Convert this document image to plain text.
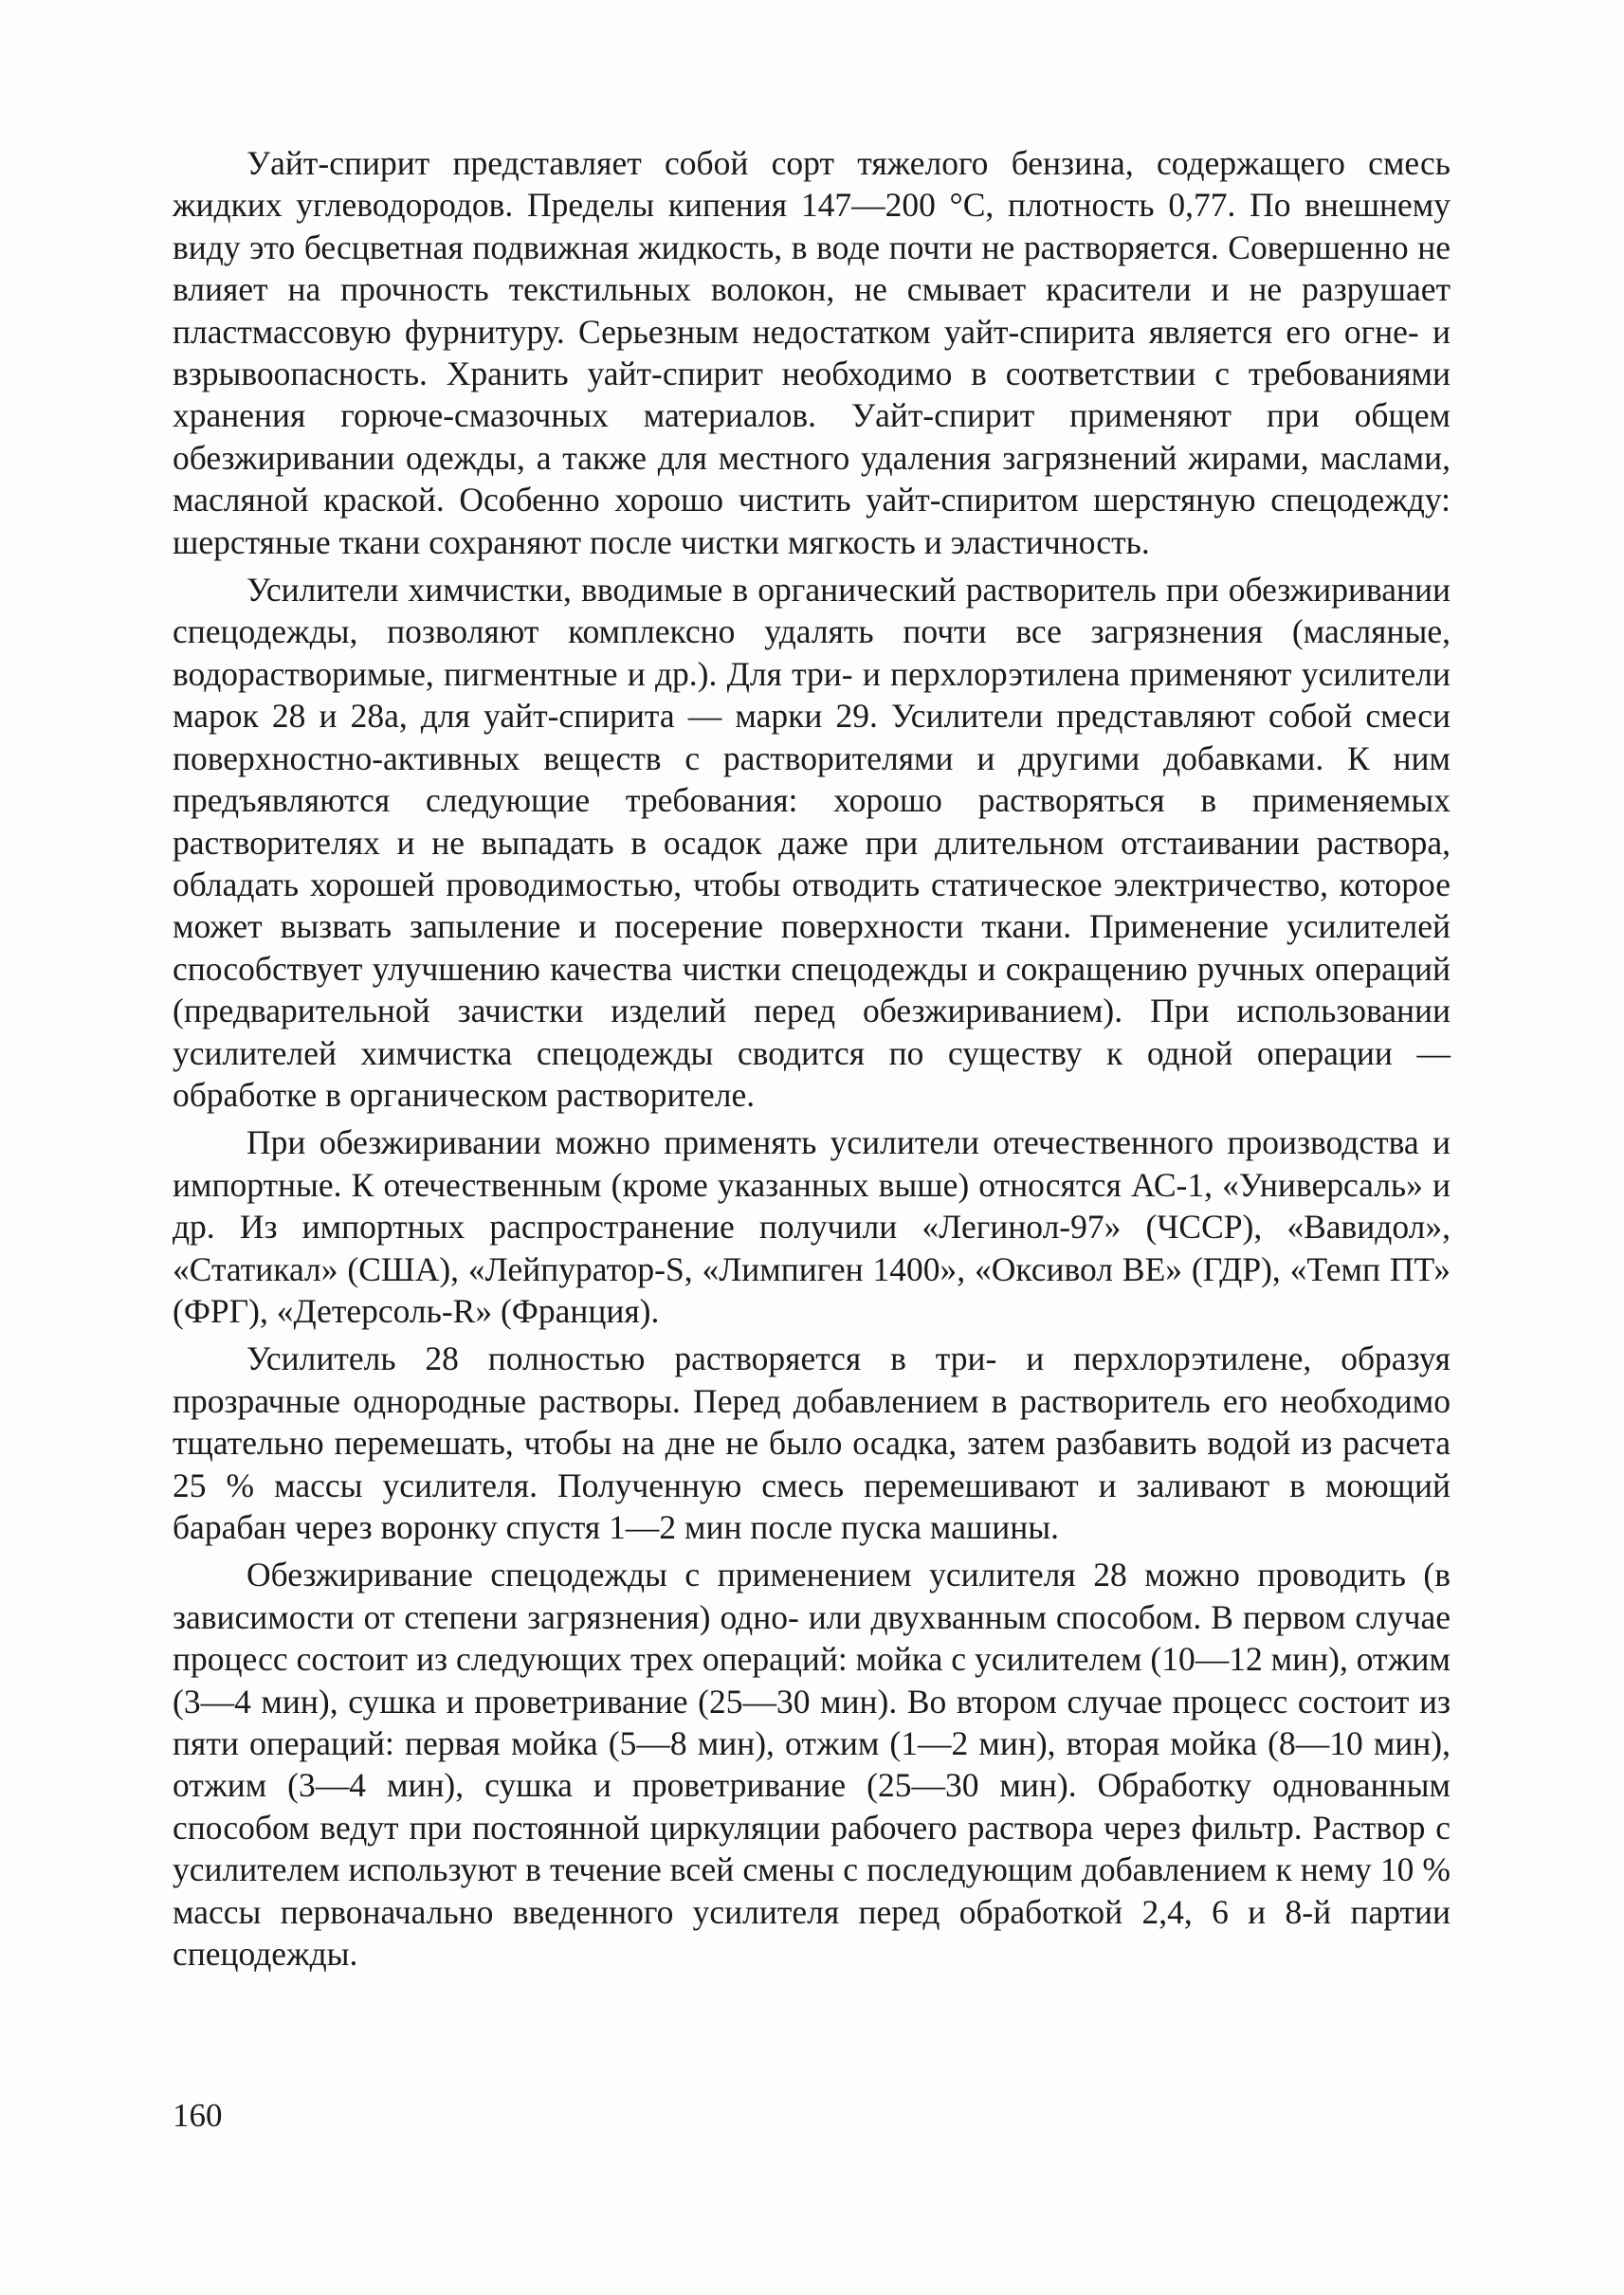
Уайт-спирит представляет собой сорт тяжелого бензина, содержащего смесь жидких углеводородов. Пределы кипения 147—200 °С, плотность 0,77. По внешнему виду это бесцветная подвижная жидкость, в воде почти не растворяется. Совершенно не влияет на прочность текстильных волокон, не смывает красители и не разрушает пластмассовую фурнитуру. Серьезным недостатком уайт-спирита является его огне- и взрывоопасность. Хранить уайт-спирит необходимо в соответствии с требованиями хранения горюче-смазочных материалов. Уайт-спирит применяют при общем обезжиривании одежды, а также для местного удаления загрязнений жирами, маслами, масляной краской. Особенно хорошо чистить уайт-спиритом шерстяную спецодежду: шерстяные ткани сохраняют после чистки мягкость и эластичность.

Усилители химчистки, вводимые в органический растворитель при обезжиривании спецодежды, позволяют комплексно удалять почти все загрязнения (масляные, водорастворимые, пигментные и др.). Для три- и перхлорэтилена применяют усилители марок 28 и 28а, для уайт-спирита — марки 29. Усилители представляют собой смеси поверхностно-активных веществ с растворителями и другими добавками. К ним предъявляются следующие требования: хорошо растворяться в применяемых растворителях и не выпадать в осадок даже при длительном отстаивании раствора, обладать хорошей проводимостью, чтобы отводить статическое электричество, которое может вызвать запыление и посерение поверхности ткани. Применение усилителей способствует улучшению качества чистки спецодежды и сокращению ручных операций (предварительной зачистки изделий перед обезжириванием). При использовании усилителей химчистка спецодежды сводится по существу к одной операции — обработке в органическом растворителе.

При обезжиривании можно применять усилители отечественного производства и импортные. К отечественным (кроме указанных выше) относятся АС-1, «Универсаль» и др. Из импортных распространение получили «Легинол-97» (ЧССР), «Вавидол», «Статикал» (США), «Лейпуратор-S, «Лимпиген 1400», «Оксивол ВЕ» (ГДР), «Темп ПТ» (ФРГ), «Детерсоль-R» (Франция).

Усилитель 28 полностью растворяется в три- и перхлорэтилене, образуя прозрачные однородные растворы. Перед добавлением в растворитель его необходимо тщательно перемешать, чтобы на дне не было осадка, затем разбавить водой из расчета 25 % массы усилителя. Полученную смесь перемешивают и заливают в моющий барабан через воронку спустя 1—2 мин после пуска машины.

Обезжиривание спецодежды с применением усилителя 28 можно проводить (в зависимости от степени загрязнения) одно- или двухванным способом. В первом случае процесс состоит из следующих трех операций: мойка с усилителем (10—12 мин), отжим (3—4 мин), сушка и проветривание (25—30 мин). Во втором случае процесс состоит из пяти операций: первая мойка (5—8 мин), отжим (1—2 мин), вторая мойка (8—10 мин), отжим (3—4 мин), сушка и проветривание (25—30 мин). Обработку однованным способом ведут при постоянной циркуляции рабочего раствора через фильтр. Раствор с усилителем используют в течение всей смены с последующим добавлением к нему 10 % массы первоначально введенного усилителя перед обработкой 2,4, 6 и 8-й партии спецодежды.

160
